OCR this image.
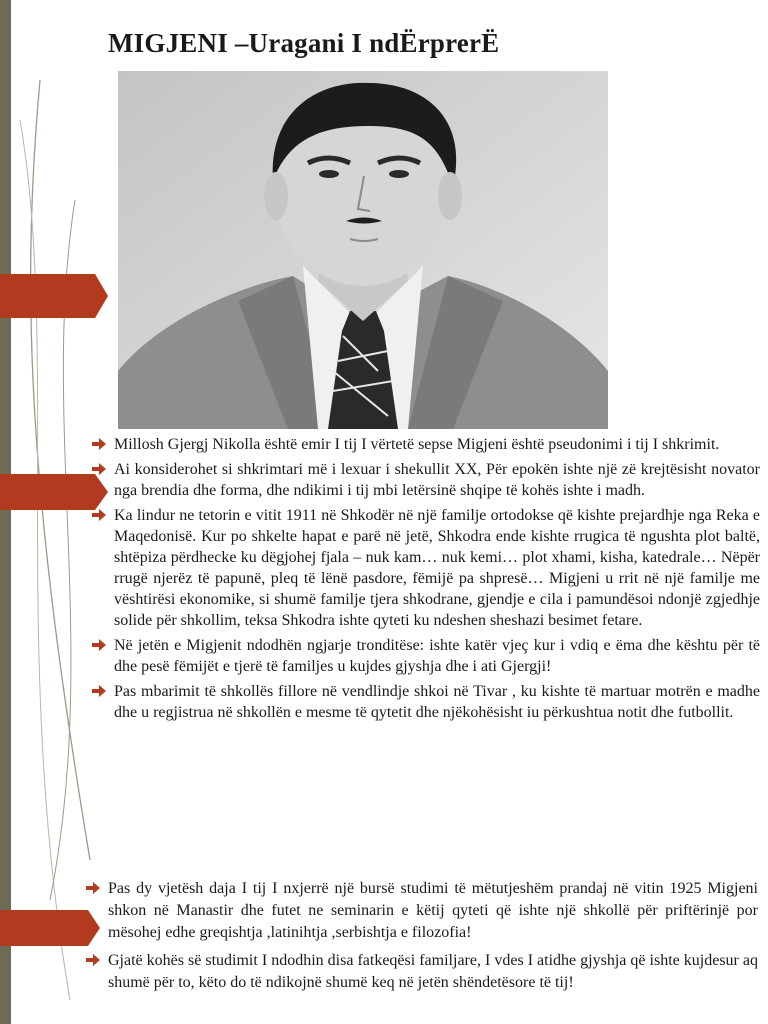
MIGJENI –Uragani I ndËrprerË
Millosh Gjergj Nikolla është emir I tij I vërtetë sepse Migjeni është pseudonimi i tij I shkrimit.
Ai konsiderohet si shkrimtari më i lexuar i shekullit XX, Për epokën ishte një zë krejtësisht novator nga brendia dhe forma, dhe ndikimi i tij mbi letërsinë shqipe të kohës ishte i madh.
Ka lindur ne tetorin e vitit 1911 në Shkodër në një familje ortodokse që kishte prejardhje nga Reka e Maqedonisë. Kur po shkelte hapat e parë në jetë, Shkodra ende kishte rrugica të ngushta plot baltë, shtëpiza përdhecke ku dëgjohej fjala – nuk kam… nuk kemi… plot xhami, kisha, katedrale… Nëpër rrugë njerëz të papunë, pleq të lënë pasdore, fëmijë pa shpresë… Migjeni u rrit në një familje me vështirësi ekonomike, si shumë familje tjera shkodrane, gjendje e cila i pamundësoi ndonjë zgjedhje solide për shkollim, teksa Shkodra ishte qyteti ku ndeshen sheshazi besimet fetare.
Në jetën e Migjenit ndodhën ngjarje tronditëse: ishte katër vjeç kur i vdiq e ëma dhe kështu për të dhe pesë fëmijët e tjerë të familjes u kujdes gjyshja dhe i ati Gjergji!
Pas mbarimit të shkollës fillore në vendlindje shkoi në Tivar , ku kishte të martuar motrën e madhe dhe u regjistrua në shkollën e mesme të qytetit dhe njëkohësisht iu përkushtua notit dhe futbollit.
Pas dy vjetësh daja I tij I nxjerrë një bursë studimi të mëtutjeshëm prandaj në vitin 1925 Migjeni shkon në Manastir dhe futet ne seminarin e këtij qyteti që ishte një shkollë për priftërinjë por mësohej edhe greqishtja ,latinihtja ,serbishtja e filozofia!
Gjatë kohës së studimit I ndodhin disa fatkeqësi familjare, I vdes I atidhe gjyshja që ishte kujdesur aq shumë për to, këto do të ndikojnë shumë keq në jetën shëndetësore të tij!
